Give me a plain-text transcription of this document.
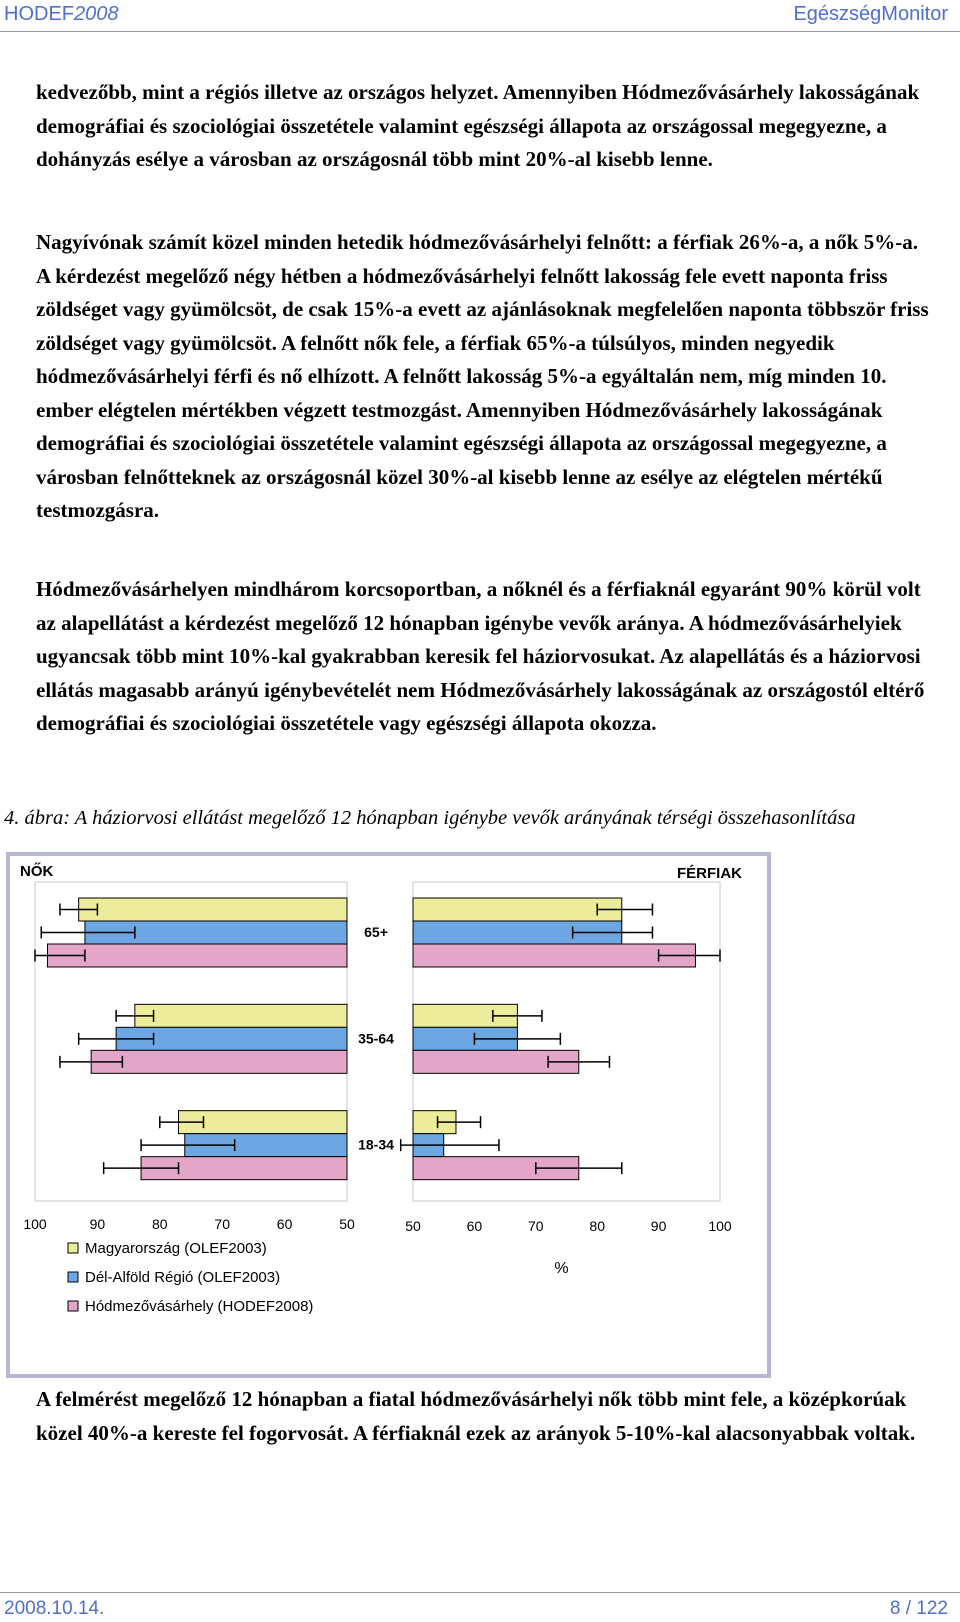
HODEF2008	EgészségMonitor

kedvezőbb, mint a régiós illetve az országos helyzet. Amennyiben Hódmezővásárhely lakosságának demográfiai és szociológiai összetétele valamint egészségi állapota az országossal megegyezne, a dohányzás esélye a városban az országosnál több mint 20%-al kisebb lenne.

Nagyívónak számít közel minden hetedik hódmezővásárhelyi felnőtt: a férfiak 26%-a, a nők 5%-a. A kérdezést megelőző négy hétben a hódmezővásárhelyi felnőtt lakosság fele evett naponta friss zöldséget vagy gyümölcsöt, de csak 15%-a evett az ajánlásoknak megfelelően naponta többször friss zöldséget vagy gyümölcsöt. A felnőtt nők fele, a férfiak 65%-a túlsúlyos, minden negyedik hódmezővásárhelyi férfi és nő elhízott. A felnőtt lakosság 5%-a egyáltalán nem, míg minden 10. ember elégtelen mértékben végzett testmozgást. Amennyiben Hódmezővásárhely lakosságának demográfiai és szociológiai összetétele valamint egészségi állapota az országossal megegyezne, a városban felnőtteknek az országosnál közel 30%-al kisebb lenne az esélye az elégtelen mértékű testmozgásra.

Hódmezővásárhelyen mindhárom korcsoportban, a nőknél és a férfiaknál egyaránt 90% körül volt az alapellátást a kérdezést megelőző 12 hónapban igénybe vevők aránya. A hódmezővásárhelyiek ugyancsak több mint 10%-kal gyakrabban keresik fel háziorvosukat. Az alapellátás és a háziorvosi ellátás magasabb arányú igénybevételét nem Hódmezővásárhely lakosságának az országostól eltérő demográfiai és szociológiai összetétele vagy egészségi állapota okozza.

4. ábra: A háziorvosi ellátást megelőző 12 hónapban igénybe vevők arányának térségi összehasonlítása

NŐK	FÉRFIAK
65+
35-64
18-34
100	90	80	70	60	50	50	60	70	80	90	100
%
Magyarország (OLEF2003)
Dél-Alföld Régió (OLEF2003)
Hódmezővásárhely (HODEF2008)

A felmérést megelőző 12 hónapban a fiatal hódmezővásárhelyi nők több mint fele, a középkorúak közel 40%-a kereste fel fogorvosát. A férfiaknál ezek az arányok 5-10%-kal alacsonyabbak voltak.

2008.10.14.	8 / 122
